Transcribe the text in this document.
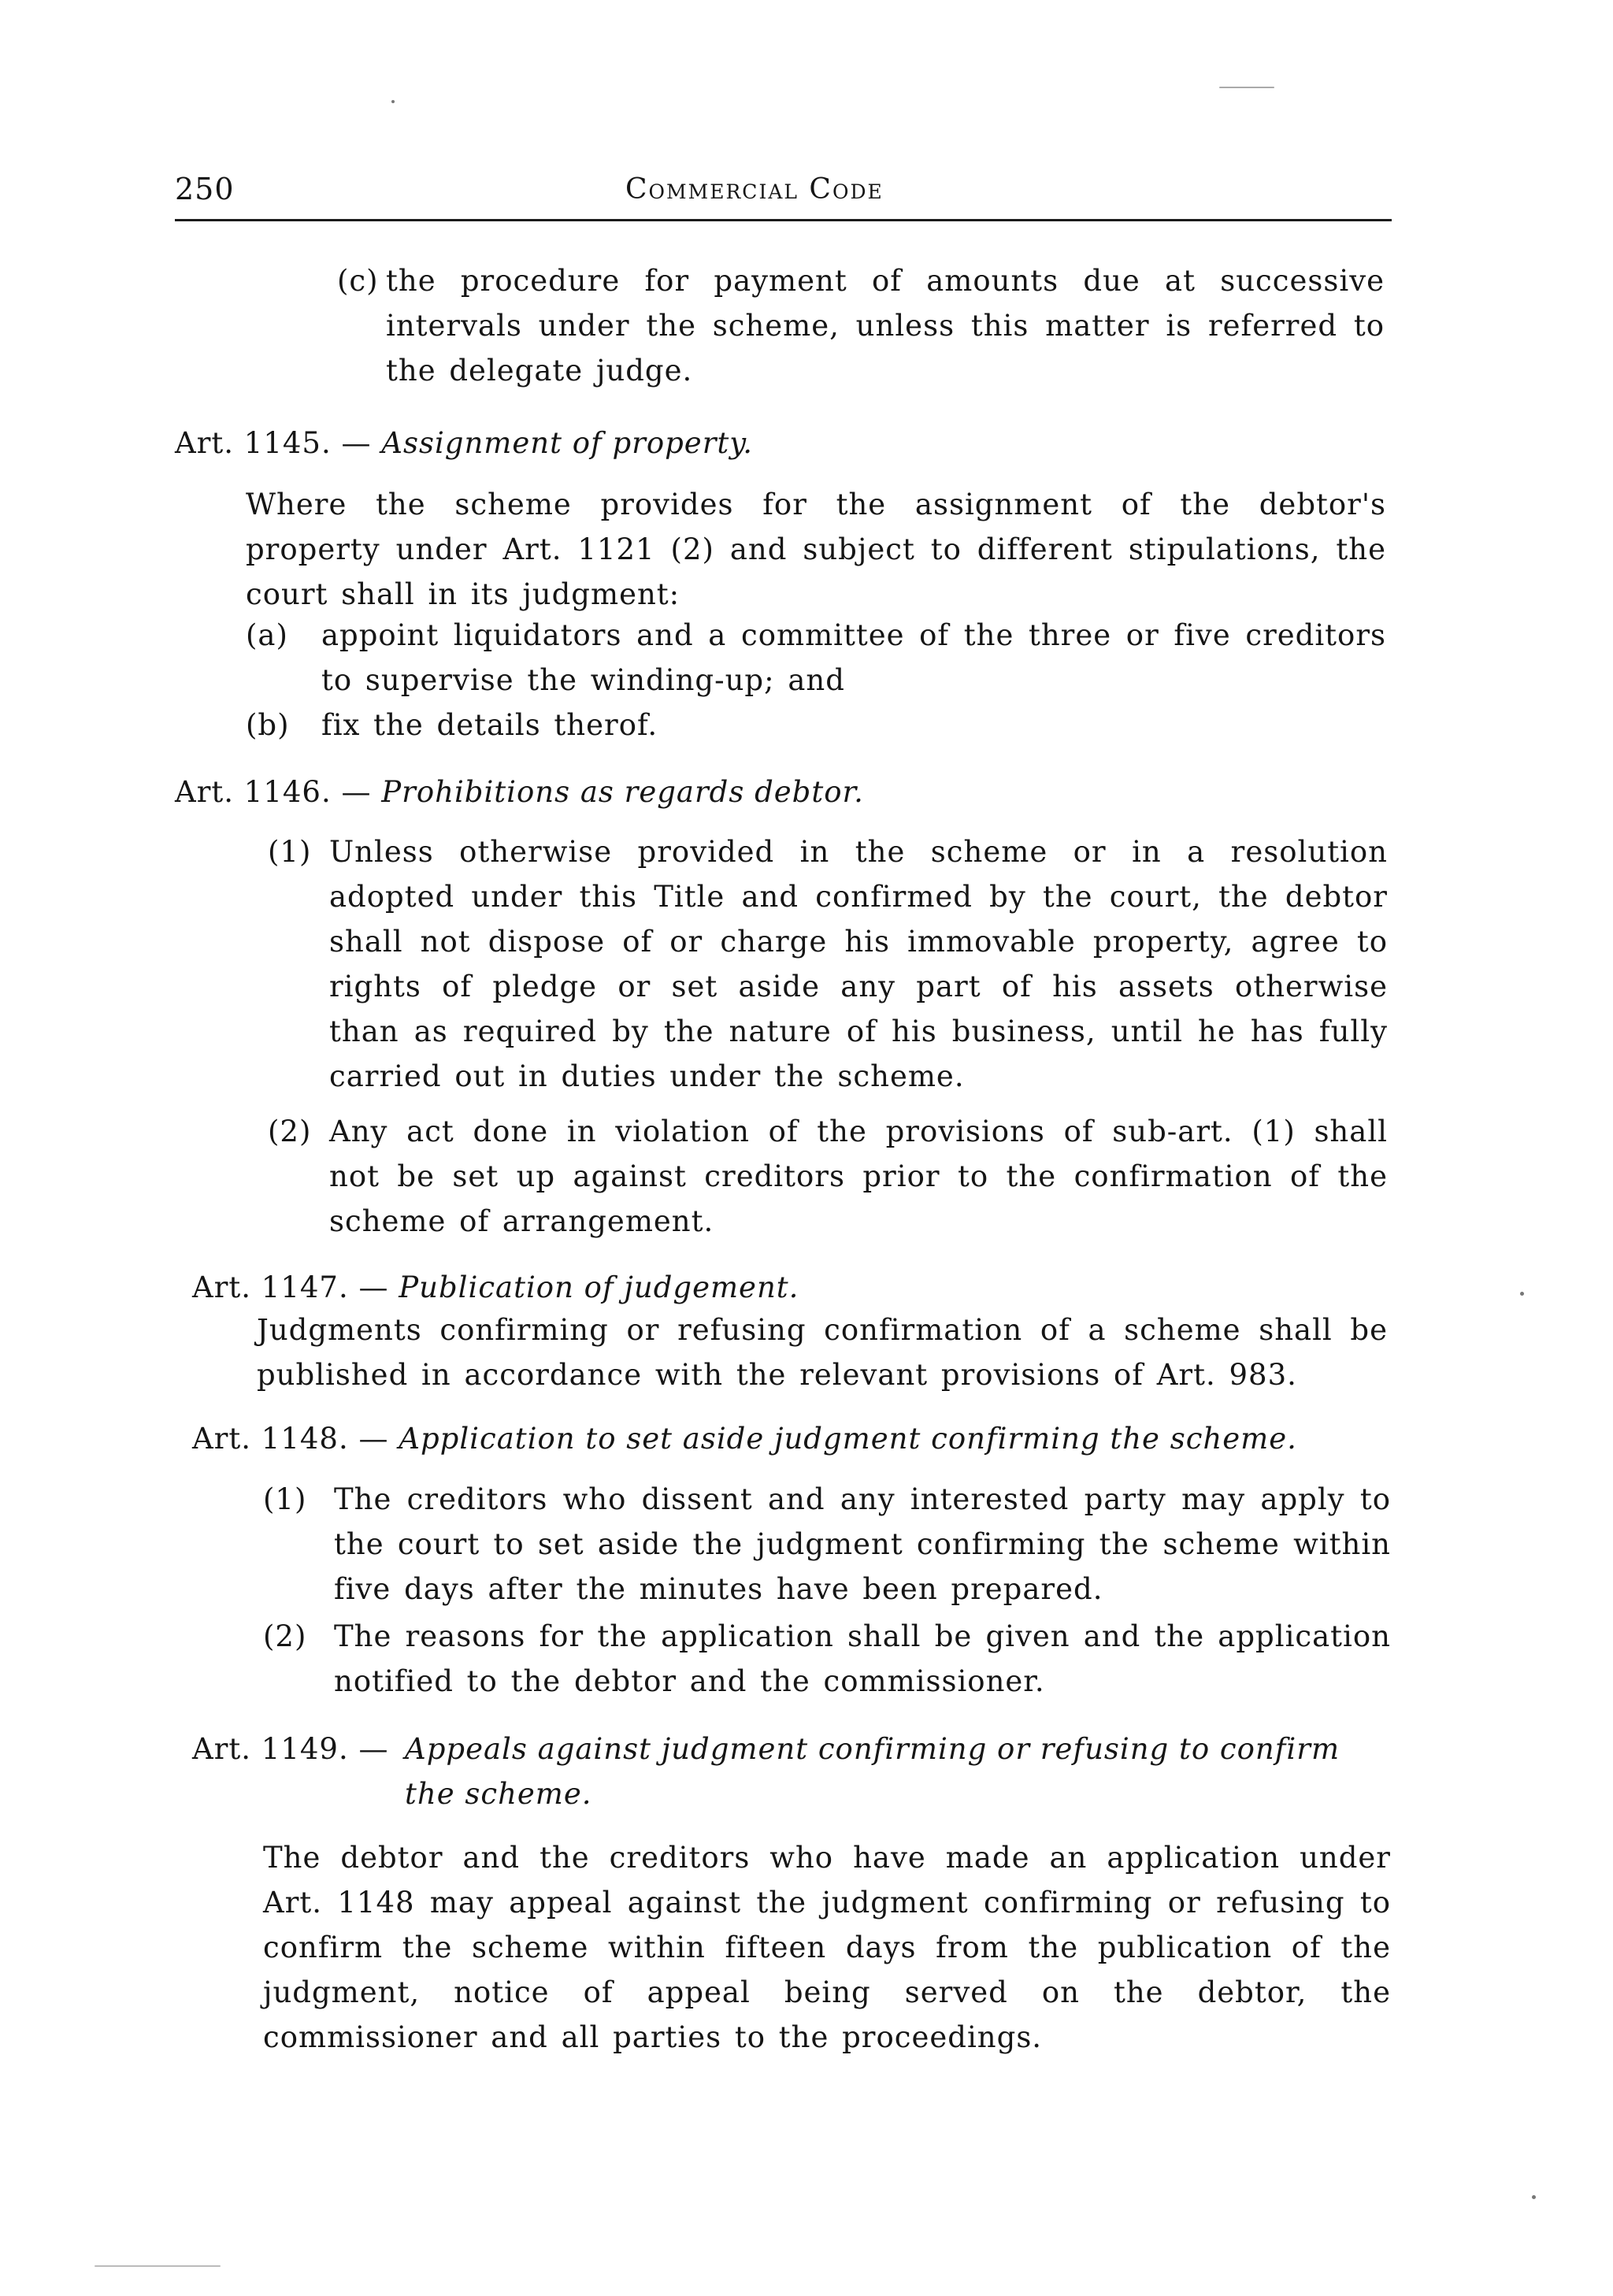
250	Commercial Code
(c) the procedure for payment of amounts due at successive intervals under the scheme, unless this matter is referred to the delegate judge.
Art. 1145. — Assignment of property.
Where the scheme provides for the assignment of the debtor's property under Art. 1121 (2) and subject to different stipulations, the court shall in its judgment:
(a) appoint liquidators and a committee of the three or five creditors to supervise the winding-up; and
(b) fix the details therof.
Art. 1146. — Prohibitions as regards debtor.
(1) Unless otherwise provided in the scheme or in a resolution adopted under this Title and confirmed by the court, the debtor shall not dispose of or charge his immovable property, agree to rights of pledge or set aside any part of his assets otherwise than as required by the nature of his business, until he has fully carried out in duties under the scheme.
(2) Any act done in violation of the provisions of sub-art. (1) shall not be set up against creditors prior to the confirmation of the scheme of arrangement.
Art. 1147. — Publication of judgement.
Judgments confirming or refusing confirmation of a scheme shall be published in accordance with the relevant provisions of Art. 983.
Art. 1148. — Application to set aside judgment confirming the scheme.
(1) The creditors who dissent and any interested party may apply to the court to set aside the judgment confirming the scheme within five days after the minutes have been prepared.
(2) The reasons for the application shall be given and the application notified to the debtor and the commissioner.
Art. 1149. — Appeals against judgment confirming or refusing to confirm the scheme.
The debtor and the creditors who have made an application under Art. 1148 may appeal against the judgment confirming or refusing to confirm the scheme within fifteen days from the publication of the judgment, notice of appeal being served on the debtor, the commissioner and all parties to the proceedings.
